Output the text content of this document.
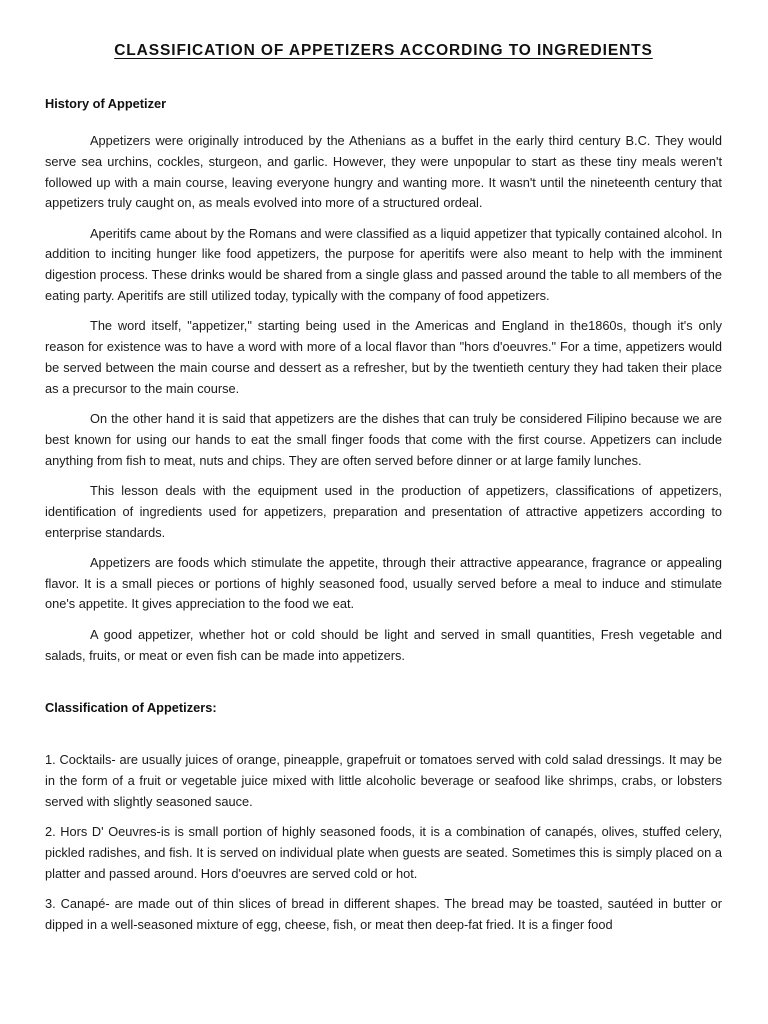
CLASSIFICATION OF APPETIZERS ACCORDING TO INGREDIENTS
History of Appetizer

Appetizers were originally introduced by the Athenians as a buffet in the early third century B.C. They would serve sea urchins, cockles, sturgeon, and garlic. However, they were unpopular to start as these tiny meals weren't followed up with a main course, leaving everyone hungry and wanting more. It wasn't until the nineteenth century that appetizers truly caught on, as meals evolved into more of a structured ordeal.

Aperitifs came about by the Romans and were classified as a liquid appetizer that typically contained alcohol. In addition to inciting hunger like food appetizers, the purpose for aperitifs were also meant to help with the imminent digestion process. These drinks would be shared from a single glass and passed around the table to all members of the eating party. Aperitifs are still utilized today, typically with the company of food appetizers.

The word itself, "appetizer," starting being used in the Americas and England in the1860s, though it's only reason for existence was to have a word with more of a local flavor than "hors d'oeuvres." For a time, appetizers would be served between the main course and dessert as a refresher, but by the twentieth century they had taken their place as a precursor to the main course.

On the other hand it is said that appetizers are the dishes that can truly be considered Filipino because we are best known for using our hands to eat the small finger foods that come with the first course. Appetizers can include anything from fish to meat, nuts and chips. They are often served before dinner or at large family lunches.

This lesson deals with the equipment used in the production of appetizers, classifications of appetizers, identification of ingredients used for appetizers, preparation and presentation of attractive appetizers according to enterprise standards.

Appetizers are foods which stimulate the appetite, through their attractive appearance, fragrance or appealing flavor. It is a small pieces or portions of highly seasoned food, usually served before a meal to induce and stimulate one's appetite. It gives appreciation to the food we eat.

A good appetizer, whether hot or cold should be light and served in small quantities, Fresh vegetable and salads, fruits, or meat or even fish can be made into appetizers.

Classification of Appetizers:
1. Cocktails- are usually juices of orange, pineapple, grapefruit or tomatoes served with cold salad dressings. It may be in the form of a fruit or vegetable juice mixed with little alcoholic beverage or seafood like shrimps, crabs, or lobsters served with slightly seasoned sauce.
2. Hors D' Oeuvres-is is small portion of highly seasoned foods, it is a combination of canapés, olives, stuffed celery, pickled radishes, and fish. It is served on individual plate when guests are seated. Sometimes this is simply placed on a platter and passed around. Hors d'oeuvres are served cold or hot.
3. Canapé- are made out of thin slices of bread in different shapes. The bread may be toasted, sautéed in butter or dipped in a well-seasoned mixture of egg, cheese, fish, or meat then deep-fat fried. It is a finger food
